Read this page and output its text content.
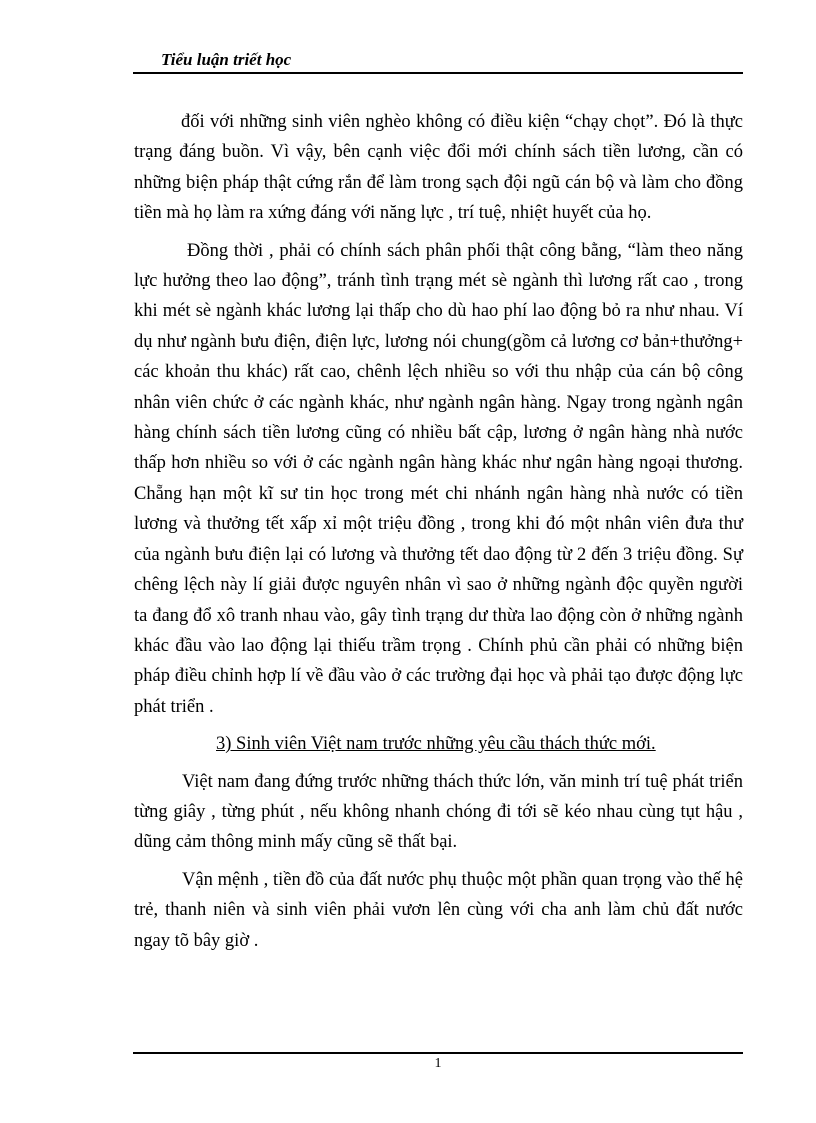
Tiểu luận triết học

đối với những sinh viên nghèo không có điều kiện “chạy chọt”. Đó là thực trạng đáng buồn. Vì vậy, bên cạnh việc đổi mới chính sách tiền lương, cần có những biện pháp thật cứng rắn để làm trong sạch đội ngũ cán bộ và làm cho đồng tiền mà họ làm ra xứng đáng với năng lực , trí tuệ, nhiệt huyết của họ.

Đồng thời , phải có chính sách phân phối thật công bằng, “làm theo năng lực hưởng theo lao động”, tránh tình trạng mét sè ngành thì lương rất cao , trong khi mét sè ngành khác lương lại thấp cho dù hao phí lao động bỏ ra như nhau. Ví dụ như ngành bưu điện, điện lực, lương nói chung(gồm cả lương cơ bản+thưởng+ các khoản thu khác) rất cao, chênh lệch nhiều so với thu nhập của cán bộ công nhân viên chức ở các ngành khác, như ngành ngân hàng. Ngay trong ngành ngân hàng chính sách tiền lương cũng có nhiều bất cập, lương ở ngân hàng nhà nước thấp hơn nhiều so với ở các ngành ngân hàng khác như ngân hàng ngoại thương. Chẵng hạn một kĩ sư tin học trong mét chi nhánh ngân hàng nhà nước có tiền lương và thưởng tết xấp xỉ một triệu đồng , trong khi đó một nhân viên đưa thư của ngành bưu điện lại có lương và thưởng tết dao động từ 2 đến 3 triệu đồng. Sự chêng lệch này lí giải được nguyên nhân vì sao ở những ngành độc quyền người ta đang đổ xô tranh nhau vào, gây tình trạng dư thừa lao động còn ở những ngành khác đầu vào lao động lại thiếu trầm trọng . Chính phủ cần phải có những biện pháp điều chỉnh hợp lí về đầu vào ở các trường đại học và phải tạo được động lực phát triển .

3) Sinh viên Việt nam trước những yêu cầu thách thức mới.

Việt nam đang đứng trước những thách thức lớn, văn minh trí tuệ phát triển từng giây , từng phút , nếu không nhanh chóng đi tới sẽ kéo nhau cùng tụt hậu , dũng cảm thông minh mấy cũng sẽ thất bại.

Vận mệnh , tiền đồ của đất nước phụ thuộc một phần quan trọng vào thế hệ trẻ, thanh niên và sinh viên phải vươn lên cùng với cha anh làm chủ đất nước ngay tõ bây giờ .

1
